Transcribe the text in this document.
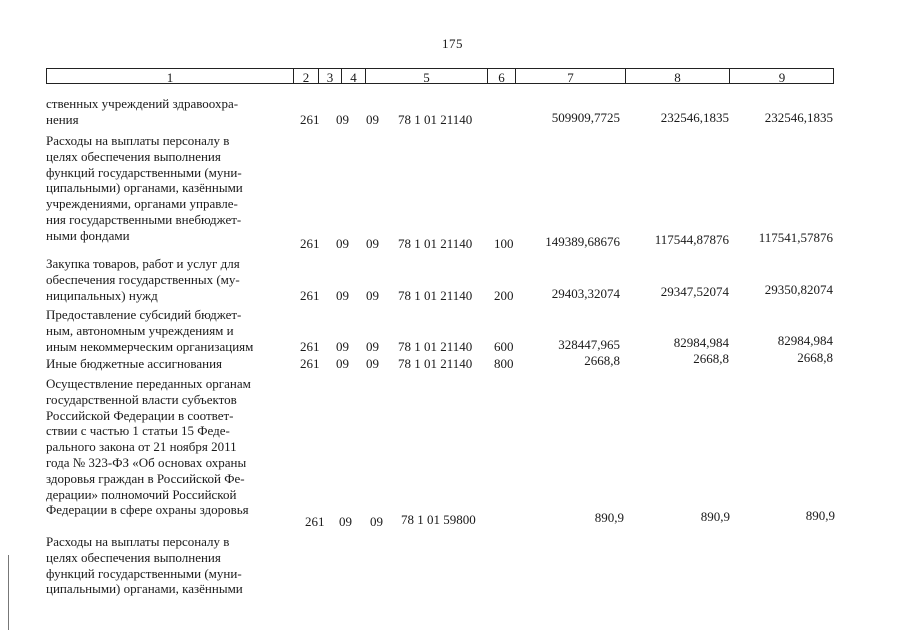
175
1	2	3	4	5	6	7	8	9
ственных учреждений здравоохра-
нения	261 09 09 78 1 01 21140	509909,7725	232546,1835	232546,1835
Расходы на выплаты персоналу в
целях обеспечения выполнения
функций государственными (муни-
ципальными) органами, казёнными
учреждениями, органами управле-
ния государственными внебюджет-
ными фондами
261 09 09 78 1 01 21140 100 149389,68676	117544,87876 117541,57876
Закупка товаров, работ и услуг для
обеспечения государственных (му-
ниципальных) нужд	261 09 09 78 1 01 21140 200	29403,32074	29347,52074	29350,82074
Предоставление субсидий бюджет-
ным, автономным учреждениям и
иным некоммерческим организациям	261 09 09 78 1 01 21140 600	328447,965	82984,984	82984,984
Иные бюджетные ассигнования	261 09 09 78 1 01 21140 800	2668,8	2668,8	2668,8
Осуществление переданных органам
государственной власти субъектов
Российской Федерации в соответ-
ствии с частью 1 статьи 15 Феде-
рального закона от 21 ноября 2011
года № 323-ФЗ «Об основах охраны
здоровья граждан в Российской Фе-
дерации» полномочий Российской
Федерации в сфере охраны здоровья
261 09 09 78 1 01 59800	890,9	890,9	890,9
Расходы на выплаты персоналу в
целях обеспечения выполнения
функций государственными (муни-
ципальными) органами, казёнными
